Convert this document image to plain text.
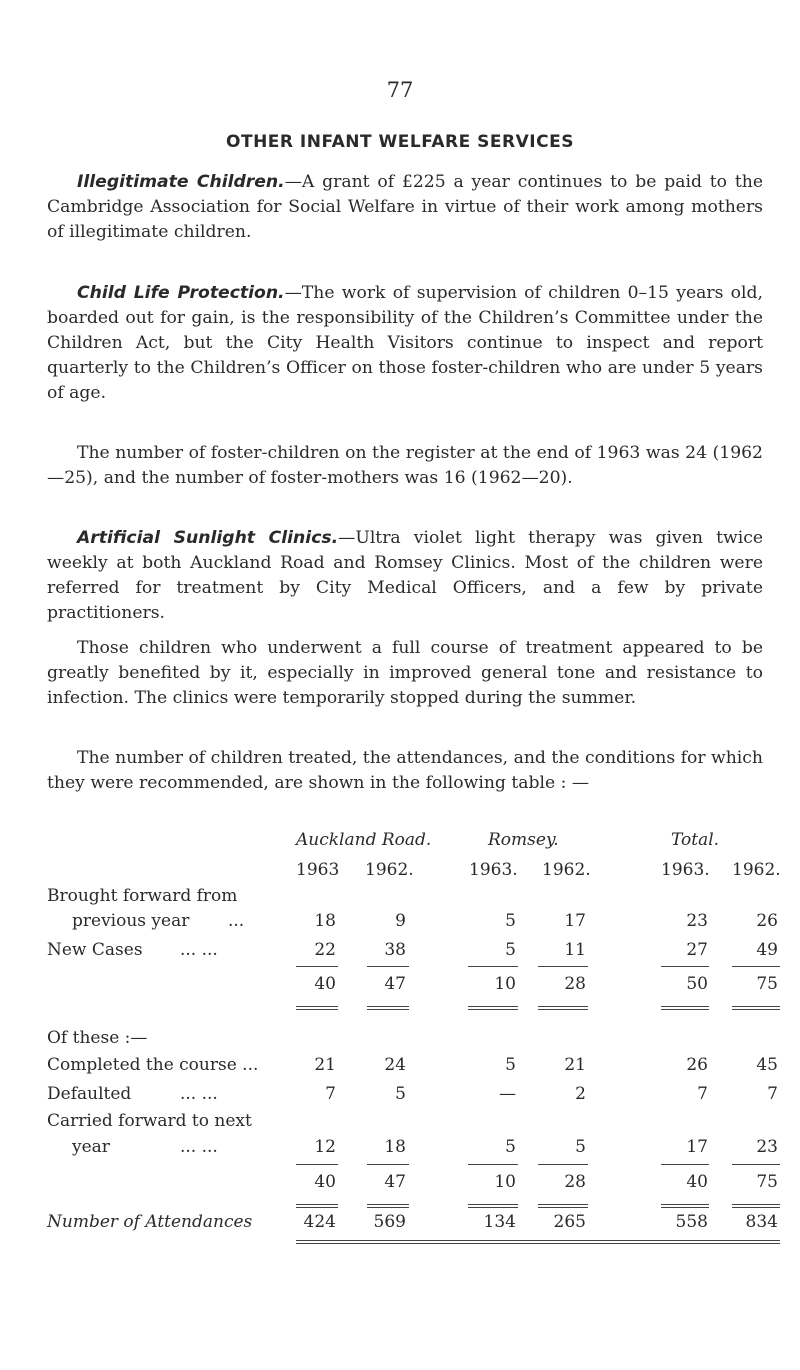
77
OTHER INFANT WELFARE SERVICES

Illegitimate Children.—A grant of £225 a year continues to be paid to the Cambridge Association for Social Welfare in virtue of their work among mothers of illegitimate children.

Child Life Protection.—The work of supervision of children 0–15 years old, boarded out for gain, is the responsibility of the Children’s Committee under the Children Act, but the City Health Visitors continue to inspect and report quarterly to the Children’s Officer on those foster-children who are under 5 years of age.

The number of foster-children on the register at the end of 1963 was 24 (1962—25), and the number of foster-mothers was 16 (1962—20).

Artificial Sunlight Clinics.—Ultra violet light therapy was given twice weekly at both Auckland Road and Romsey Clinics. Most of the children were referred for treatment by City Medical Officers, and a few by private practitioners.

Those children who underwent a full course of treatment appeared to be greatly benefited by it, especially in improved general tone and resistance to infection. The clinics were temporarily stopped during the summer.

The number of children treated, the attendances, and the conditions for which they were recommended, are shown in the following table : —

Auckland Road.	Romsey.	Total.
1963 1962.	1963. 1962.	1963. 1962.
Brought forward from
previous year ...	18	9	5	17	23	26
New Cases ... ...	22	38	5	11	27	49
40	47	10	28	50	75
Of these :—
Completed the course ...	21	24	5	21	26	45
Defaulted	... ...	7	5	—	2	7	7
Carried forward to next
year	... ...	12	18	5	5	17	23
40	47	10	28	40	75
Number of Attendances	424	569	134	265	558	834
